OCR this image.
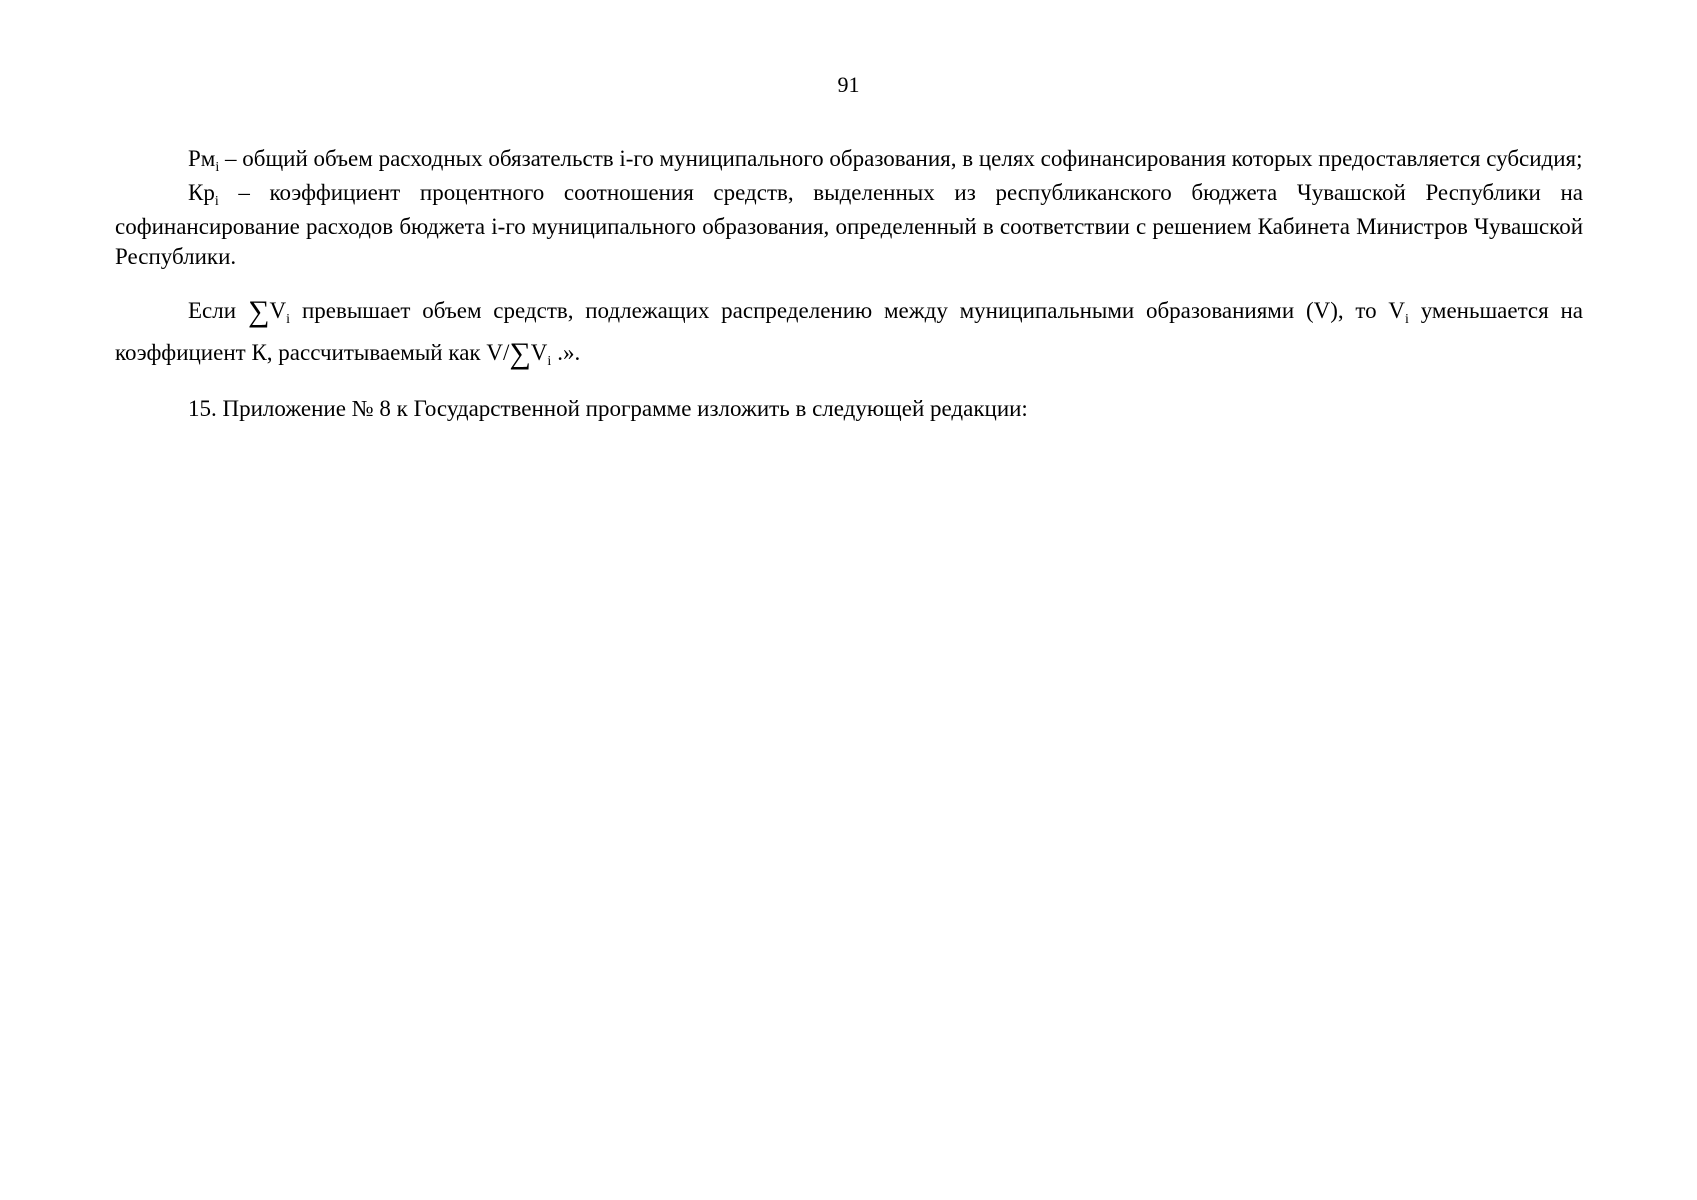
91

$Рм_i$ – общий объем расходных обязательств i-го муниципального образования, в целях софинансирования которых предоставляется субсидия;

$Кр_i$ – коэффициент процентного соотношения средств, выделенных из республиканского бюджета Чувашской Республики на софинансирование расходов бюджета i-го муниципального образования, определенный в соответствии с решением Кабинета Министров Чувашской Республики.

Если $\sum V_i$ превышает объем средств, подлежащих распределению между муниципальными образованиями (V), то $V_i$ уменьшается на коэффициент К, рассчитываемый как $V/\sum V_i$ .».

15. Приложение № 8 к Государственной программе изложить в следующей редакции:
